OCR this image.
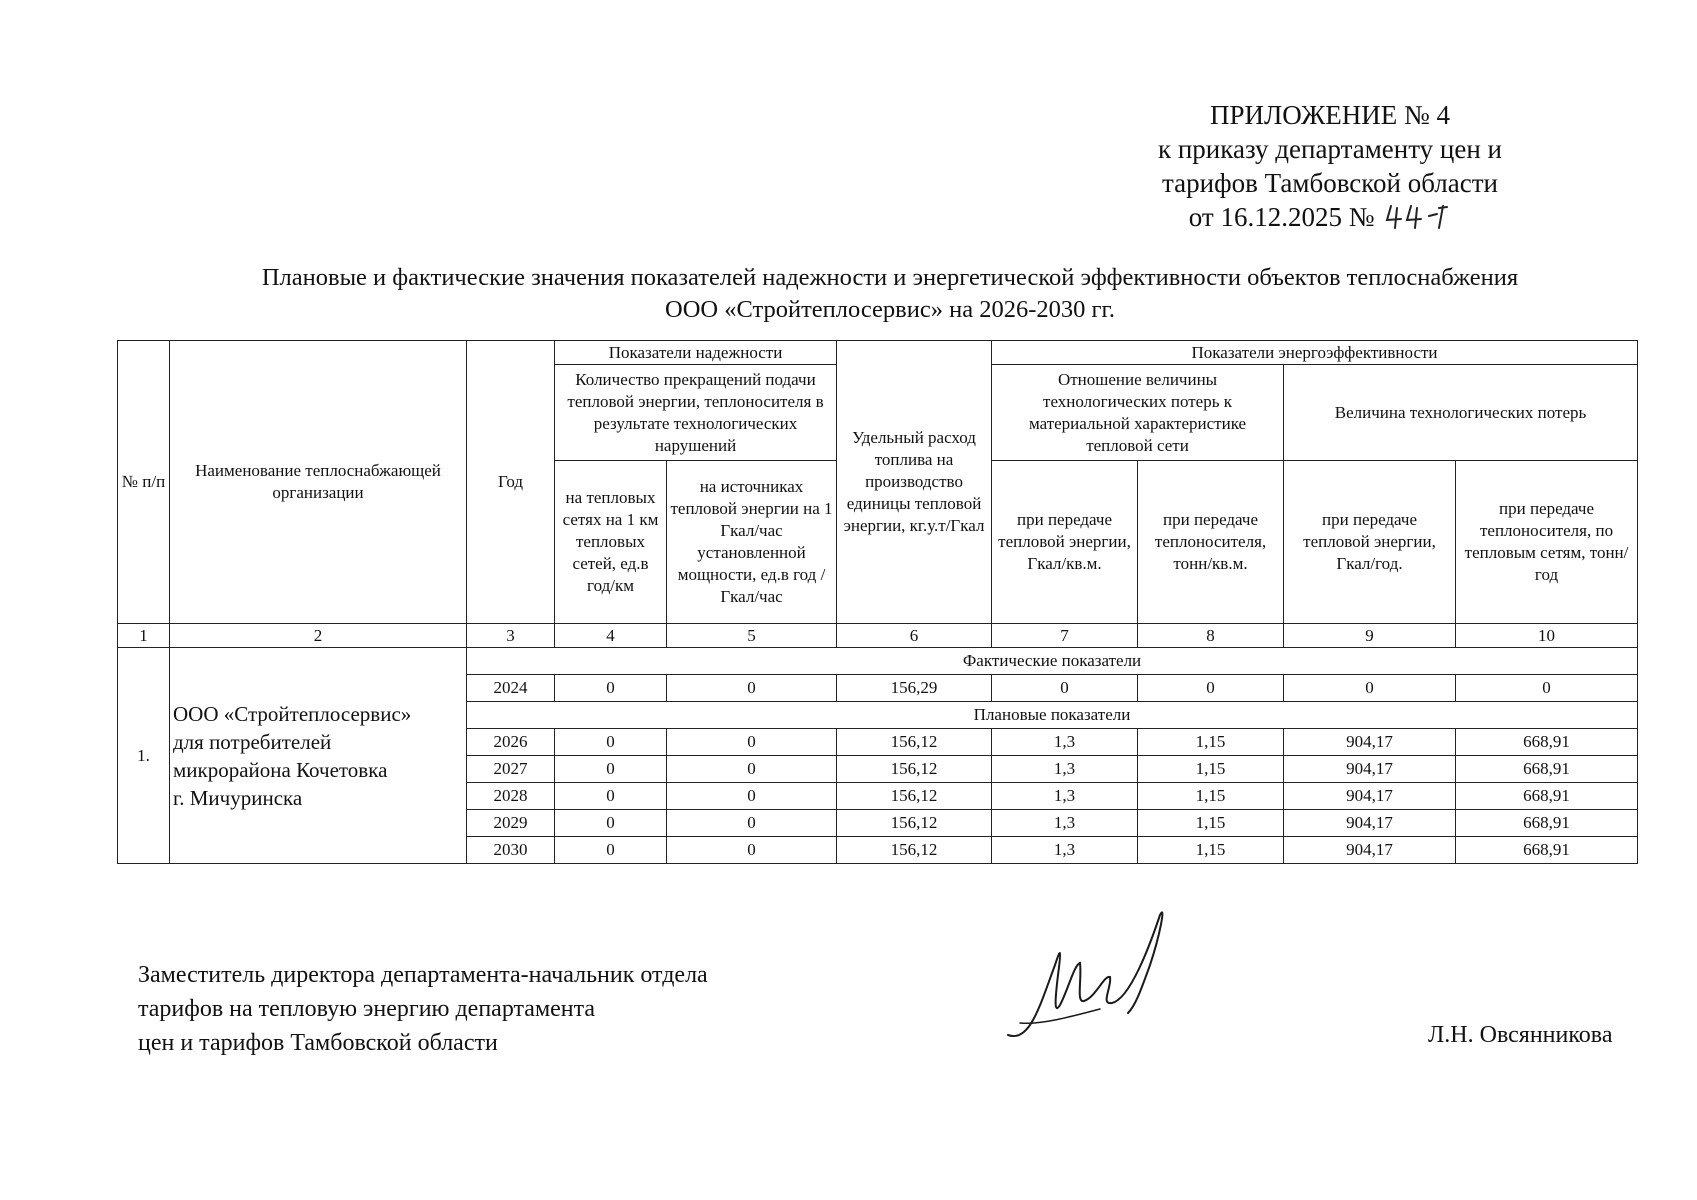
ПРИЛОЖЕНИЕ № 4
к приказу департаменту цен и
тарифов Тамбовской области
от 16.12.2025 №
Плановые и фактические значения показателей надежности и энергетической эффективности объектов теплоснабжения
ООО «Стройтеплосервис» на 2026-2030 гг.
№ п/п	Наименование теплоснабжающей организации	Год	Показатели надежности		Удельный расход топлива на производство единицы тепловой энергии, кг.у.т/Гкал	Показатели энергоэффективности			
			Количество прекращений подачи тепловой энергии, теплоносителя в результате технологических нарушений			Отношение величины технологических потерь к материальной характеристике тепловой сети		Величина технологических потерь	
			на тепловых сетях на 1 км тепловых сетей, ед.в год/км	на источниках тепловой энергии на 1 Гкал/час установленной мощности, ед.в год /Гкал/час		при передаче тепловой энергии, Гкал/кв.м.	при передаче теплоносителя, тонн/кв.м.	при передаче тепловой энергии, Гкал/год.	при передаче теплоносителя, по тепловым сетям, тонн/год
1	2	3	4	5	6	7	8	9	10
1.	ООО «Стройтеплосервис»
для потребителей
микрорайона Кочетовка
г. Мичуринска	Фактические показатели							
		2024	0	0	156,29	0	0	0	0
		Плановые показатели							
		2026	0	0	156,12	1,3	1,15	904,17	668,91
		2027	0	0	156,12	1,3	1,15	904,17	668,91
		2028	0	0	156,12	1,3	1,15	904,17	668,91
		2029	0	0	156,12	1,3	1,15	904,17	668,91
		2030	0	0	156,12	1,3	1,15	904,17	668,91
Заместитель директора департамента-начальник отдела
тарифов на тепловую энергию департамента
цен и тарифов Тамбовской области	Л.Н. Овсянникова
